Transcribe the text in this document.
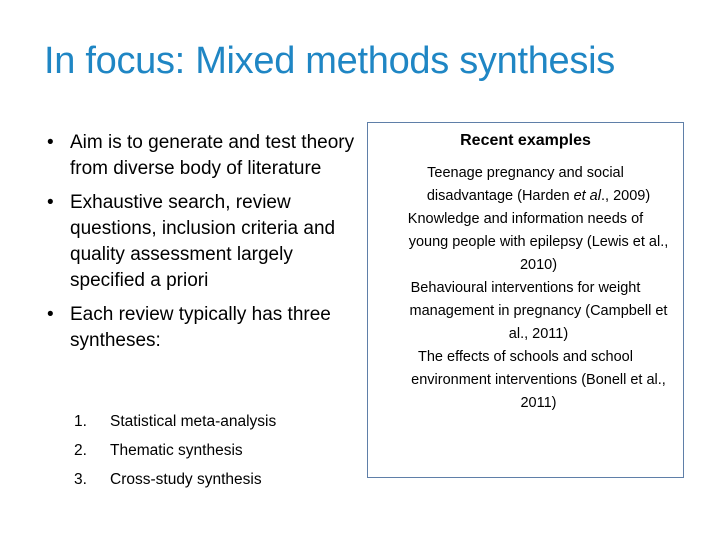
In focus: Mixed methods synthesis
• Aim is to generate and test theory from diverse body of literature
• Exhaustive search, review questions, inclusion criteria and quality assessment largely specified a priori
• Each review typically has three syntheses:
1. Statistical meta-analysis
2. Thematic synthesis
3. Cross-study synthesis
Recent examples

Teenage pregnancy and social
disadvantage (Harden et al., 2009)

Knowledge and information needs of
young people with epilepsy (Lewis et al., 2010)

Behavioural interventions for weight
management in pregnancy (Campbell et al., 2011)

The effects of schools and school
environment interventions (Bonell et al., 2011)
